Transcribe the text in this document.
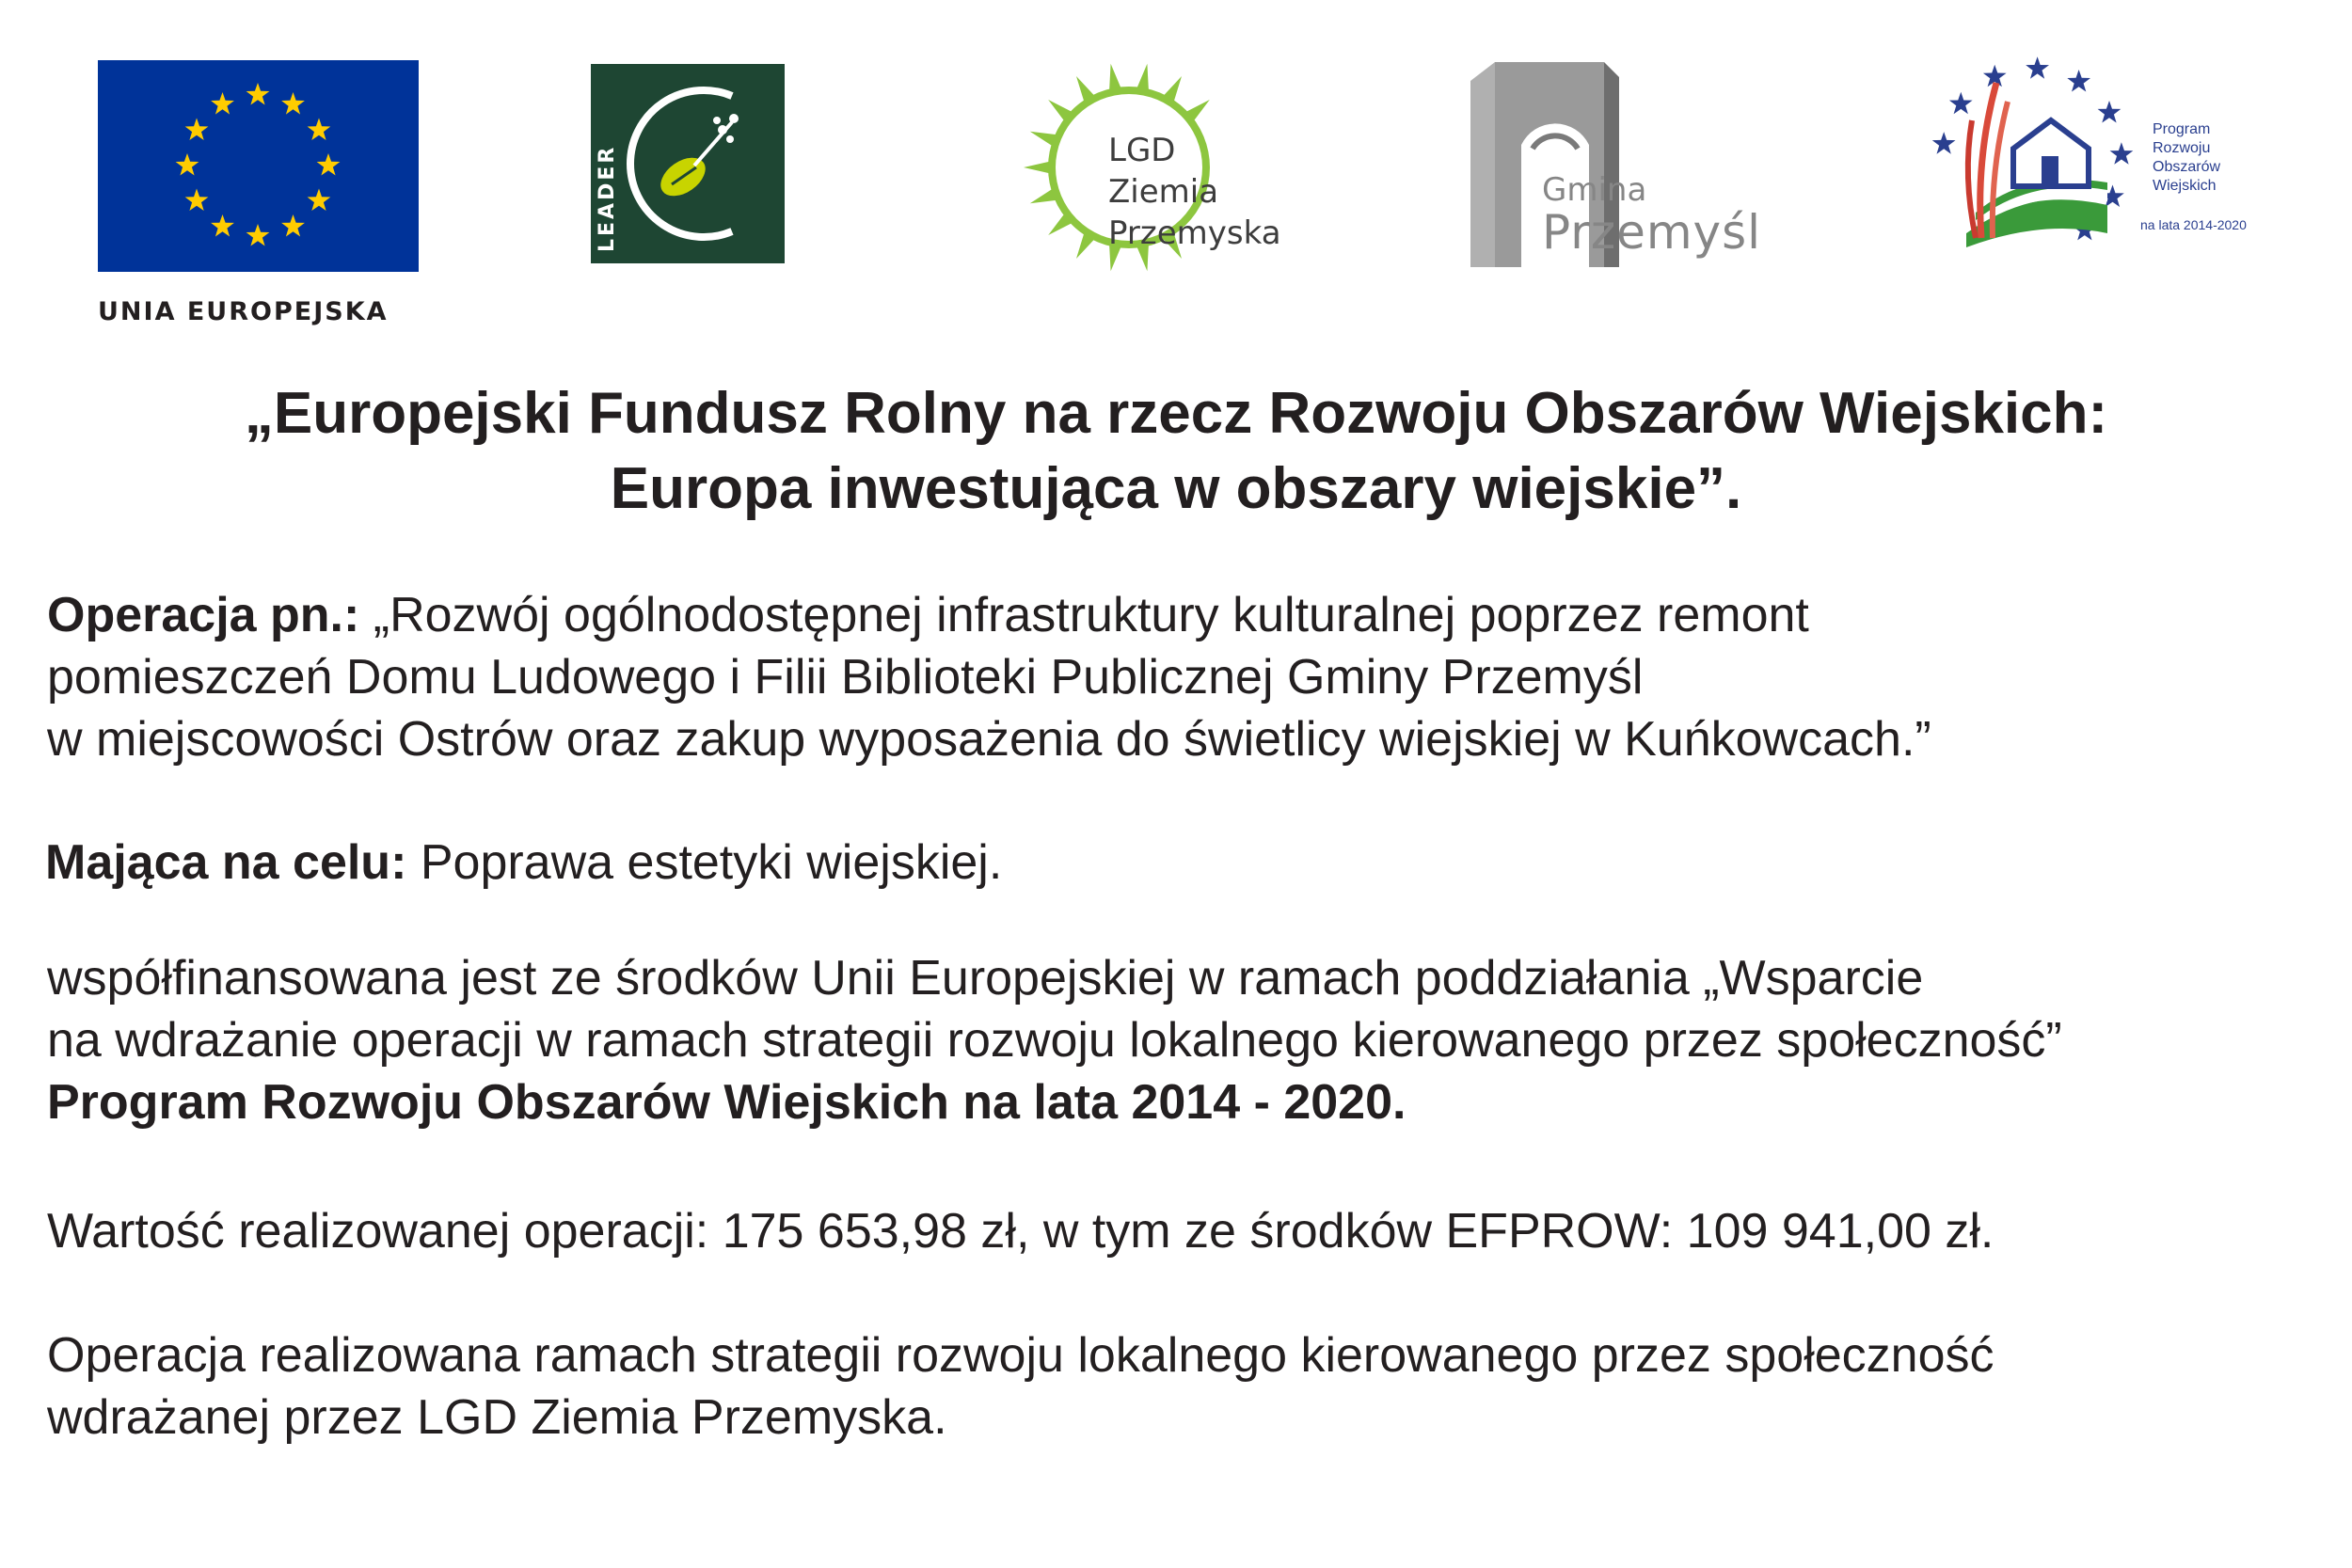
UNIA EUROPEJSKA
LEADER	LGD
Ziemia
Przemyska
Gmina
Przemyśl
Program
Rozwoju
Obszarów
Wiejskich
na lata 2014-2020
„Europejski Fundusz Rolny na rzecz Rozwoju Obszarów Wiejskich:
Europa inwestująca w obszary wiejskie”.
Operacja pn.: „Rozwój ogólnodostępnej infrastruktury kulturalnej poprzez remont
pomieszczeń Domu Ludowego i Filii Biblioteki Publicznej Gminy Przemyśl
w miejscowości Ostrów oraz zakup wyposażenia do świetlicy wiejskiej w Kuńkowcach.”
Mająca na celu: Poprawa estetyki wiejskiej.
współfinansowana jest ze środków Unii Europejskiej w ramach poddziałania „Wsparcie
na wdrażanie operacji w ramach strategii rozwoju lokalnego kierowanego przez społeczność”
Program Rozwoju Obszarów Wiejskich na lata 2014 - 2020.
Wartość realizowanej operacji: 175 653,98 zł, w tym ze środków EFPROW: 109 941,00 zł.
Operacja realizowana ramach strategii rozwoju lokalnego kierowanego przez społeczność
wdrażanej przez LGD Ziemia Przemyska.
